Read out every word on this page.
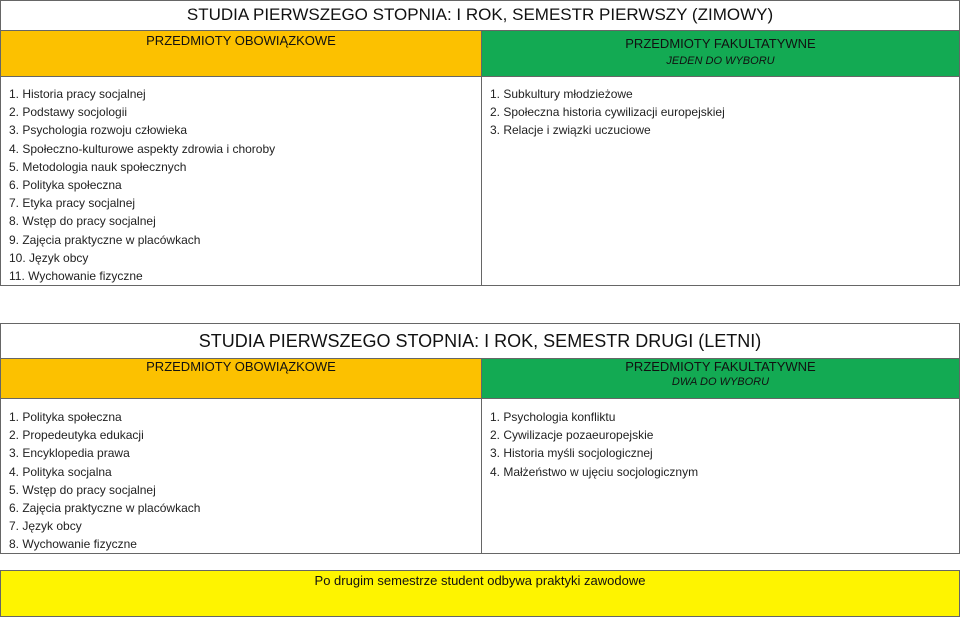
STUDIA PIERWSZEGO STOPNIA: I ROK, SEMESTR PIERWSZY (ZIMOWY)
PRZEDMIOTY OBOWIĄZKOWE	PRZEDMIOTY FAKULTATYWNE
JEDEN DO WYBORU
1. Historia pracy socjalnej
2. Podstawy socjologii
3. Psychologia rozwoju człowieka
4. Społeczno-kulturowe aspekty zdrowia i choroby
5. Metodologia nauk społecznych
6. Polityka społeczna
7. Etyka pracy socjalnej
8. Wstęp do pracy socjalnej
9. Zajęcia praktyczne w placówkach
10. Język obcy
11. Wychowanie fizyczne
1. Subkultury młodzieżowe
2. Społeczna historia cywilizacji europejskiej
3. Relacje i związki uczuciowe
STUDIA PIERWSZEGO STOPNIA: I ROK, SEMESTR DRUGI (LETNI)
PRZEDMIOTY OBOWIĄZKOWE	PRZEDMIOTY FAKULTATYWNE
DWA DO WYBORU
1. Polityka społeczna
2. Propedeutyka edukacji
3. Encyklopedia prawa
4. Polityka socjalna
5. Wstęp do pracy socjalnej
6. Zajęcia praktyczne w placówkach
7. Język obcy
8. Wychowanie fizyczne
1. Psychologia konfliktu
2. Cywilizacje pozaeuropejskie
3. Historia myśli socjologicznej
4. Małżeństwo w ujęciu socjologicznym
Po drugim semestrze student odbywa praktyki zawodowe
